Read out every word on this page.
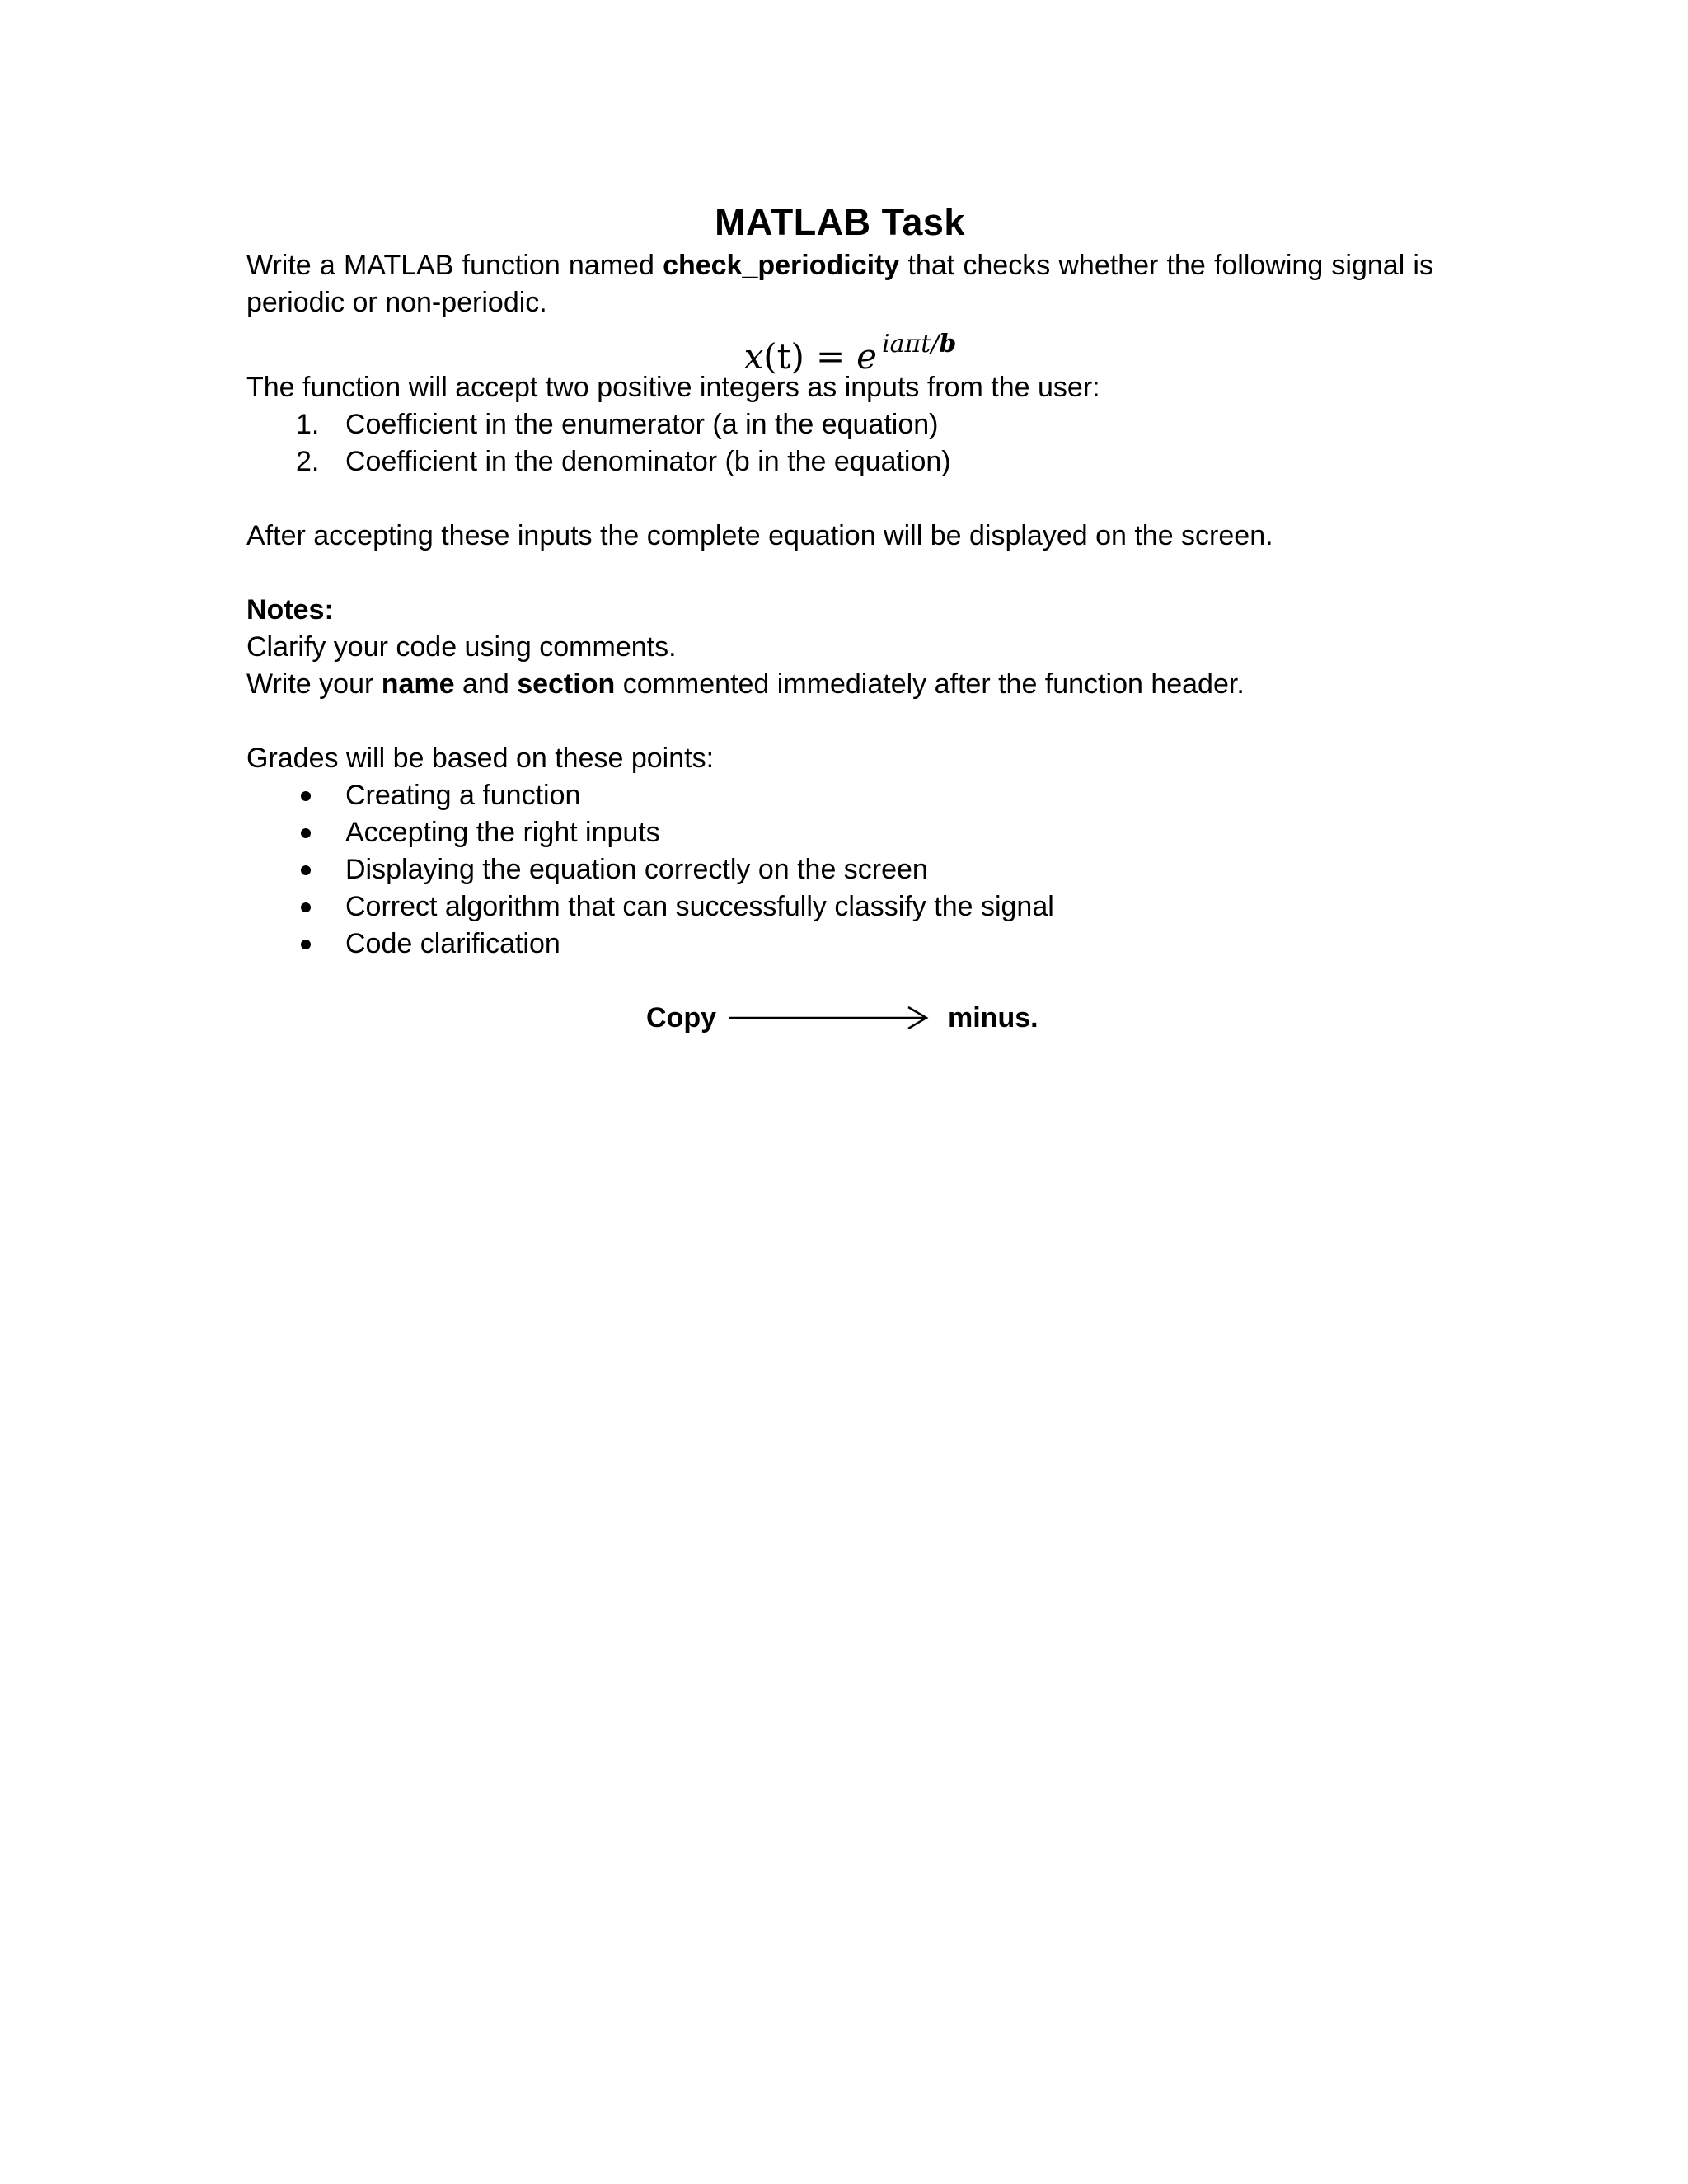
MATLAB Task

Write a MATLAB function named check_periodicity that checks whether the following signal is periodic or non-periodic.

x(t) = e $^{ia\pi t/b}$

The function will accept two positive integers as inputs from the user:

1. Coefficient in the enumerator (a in the equation)
2. Coefficient in the denominator (b in the equation)

After accepting these inputs the complete equation will be displayed on the screen.

Notes:

Clarify your code using comments.

Write your name and section commented immediately after the function header.

Grades will be based on these points:

Creating a function
Accepting the right inputs
Displaying the equation correctly on the screen
Correct algorithm that can successfully classify the signal
Code clarification
Copy	minus.
